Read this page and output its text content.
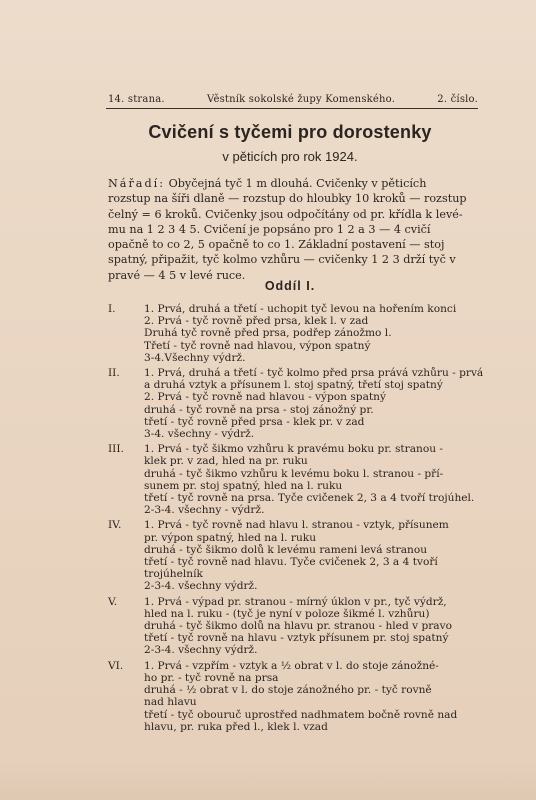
14. strana.	Věstník sokolské župy Komenského.	2. číslo.
Cvičení s tyčemi pro dorostenky
v pěticích pro rok 1924.
Nářadí: Obyčejná tyč 1 m dlouhá. Cvičenky v pěticích
rozstup na šíři dlaně — rozstup do hloubky 10 kroků — rozstup
čelný = 6 kroků. Cvičenky jsou odpočítány od pr. křídla k levé-
mu na 1 2 3 4 5. Cvičení je popsáno pro 1 2 a 3 — 4 cvičí
opačně to co 2, 5 opačně to co 1. Základní postavení — stoj
spatný, připažit, tyč kolmo vzhůru — cvičenky 1 2 3 drží tyč v
pravé — 4 5 v levé ruce.
Oddíl I.
I.	1. Prvá, druhá a třetí - uchopit tyč levou na hořením konci
2. Prvá - tyč rovně před prsa, klek l. v zad
Druhá tyč rovně před prsa, podřep zánožmo l.
Třetí - tyč rovně nad hlavou, výpon spatný
3-4.Všechny výdrž.
II.	1. Prvá, druhá a třetí - tyč kolmo před prsa prává vzhůru - prvá
a druhá vztyk a přísunem l. stoj spatný, třetí stoj spatný
2. Prvá - tyč rovně nad hlavou - výpon spatný
druhá - tyč rovně na prsa - stoj zánožný pr.
třetí - tyč rovně před prsa - klek pr. v zad
3-4. všechny - výdrž.
III.	1. Prvá - tyč šikmo vzhůru k pravému boku pr. stranou -
klek pr. v zad, hled na pr. ruku
druhá - tyč šikmo vzhůru k levému boku l. stranou - pří-
sunem pr. stoj spatný, hled na l. ruku
třetí - tyč rovně na prsa. Tyče cvičenek 2, 3 a 4 tvoří trojúhel.
2-3-4. všechny - výdrž.
IV.	1. Prvá - tyč rovně nad hlavu l. stranou - vztyk, přísunem
pr. výpon spatný, hled na l. ruku
druhá - tyč šikmo dolů k levému rameni levá stranou
třetí - tyč rovně nad hlavu. Tyče cvičenek 2, 3 a 4 tvoří
trojúhelník
2-3-4. všechny výdrž.
V.	1. Prvá - výpad pr. stranou - mírný úklon v pr., tyč výdrž,
hled na l. ruku - (tyč je nyní v poloze šikmé l. vzhůru)
druhá - tyč šikmo dolů na hlavu pr. stranou - hled v pravo
třetí - tyč rovně na hlavu - vztyk přísunem pr. stoj spatný
2-3-4. všechny výdrž.
VI.	1. Prvá - vzpřím - vztyk a ½ obrat v l. do stoje zánožné-
ho pr. - tyč rovně na prsa
druhá - ½ obrat v l. do stoje zánožného pr. - tyč rovně
nad hlavu
třetí - tyč obouruč uprostřed nadhmatem bočně rovně nad
hlavu, pr. ruka před l., klek l. vzad
